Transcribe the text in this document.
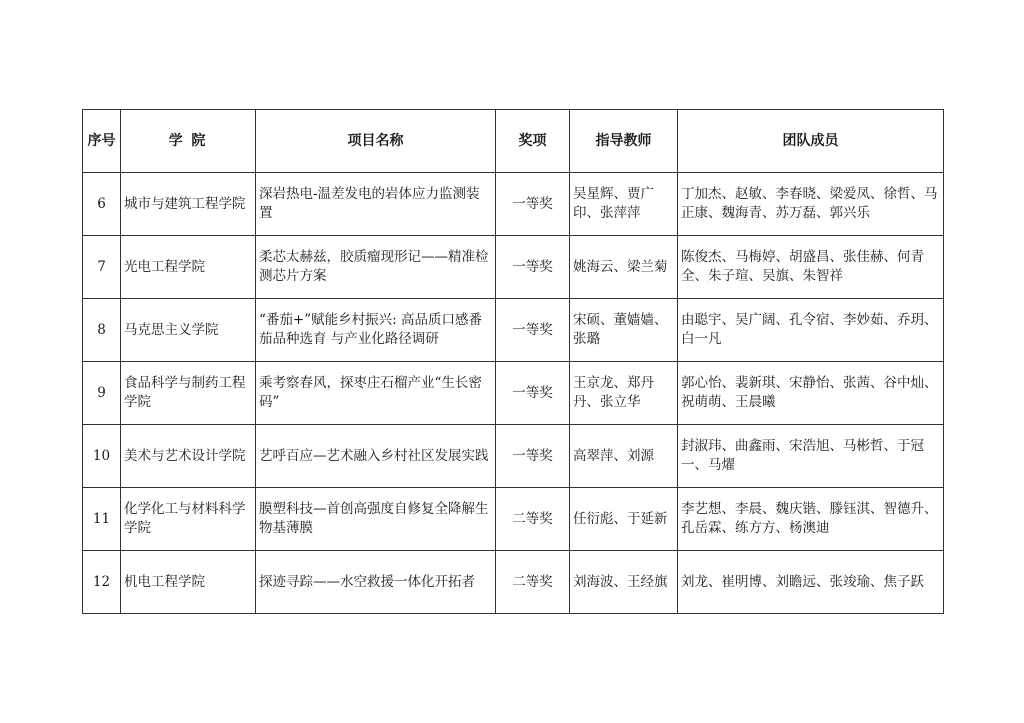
序号	学 院	项目名称	奖项	指导教师	团队成员
6	城市与建筑工程学院	深岩热电-温差发电的岩体应力监测装置	一等奖	吴星辉、贾广印、张萍萍	丁加杰、赵敏、李春晓、梁爱凤、徐哲、马正康、魏海青、苏万磊、郭兴乐
7	光电工程学院	柔芯太赫兹，胶质瘤现形记——精准检测芯片方案	一等奖	姚海云、梁兰菊	陈俊杰、马梅婷、胡盛昌、张佳赫、何青全、朱子瑄、吴旗、朱智祥
8	马克思主义学院	“番茄+”赋能乡村振兴: 高品质口感番茄品种选育 与产业化路径调研	一等奖	宋硕、董嫱嫱、张璐	由聪宇、吴广阔、孔令宿、李妙茹、乔玥、白一凡
9	食品科学与制药工程学院	乘考察春风，探枣庄石榴产业“生长密码”	一等奖	王京龙、郑丹丹、张立华	郭心怡、裴新琪、宋静怡、张茜、谷中灿、祝萌萌、王晨曦
10	美术与艺术设计学院	艺呼百应—艺术融入乡村社区发展实践	一等奖	高翠萍、刘源	封淑玮、曲鑫雨、宋浩旭、马彬哲、于冠一、马燿
11	化学化工与材料科学学院	膜塑科技—首创高强度自修复全降解生物基薄膜	二等奖	任衍彪、于延新	李艺想、李晨、魏庆锴、滕钰淇、智德升、孔岳霖、练方方、杨澳迪
12	机电工程学院	探迹寻踪——水空救援一体化开拓者	二等奖	刘海波、王经旗	刘龙、崔明博、刘瞻远、张竣瑜、焦子跃
